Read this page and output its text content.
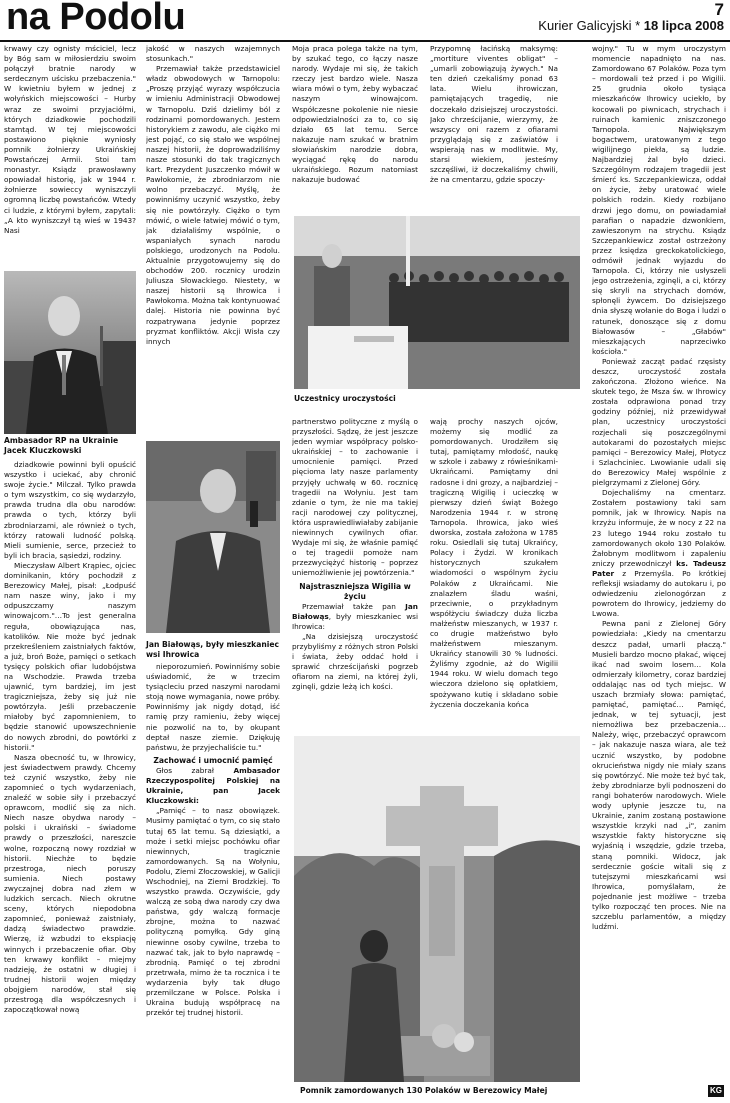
na Podolu	7
Kurier Galicyjski * 18 lipca 2008

krwawy czy ognisty mściciel, lecz by Bóg sam w miłosierdziu swoim połączył bratnie narody w serdecznym uścisku przebaczenia." W kwietniu byłem w jednej z wołyńskich miejscowości – Hurby wraz ze swoimi przyjaciółmi, których dziadkowie pochodzili stamtąd. W tej miejscowości postawiono pięknie wyniosły pomnik żołnierzy Ukraińskiej Powstańczej Armii. Stoi tam monastyr. Ksiądz prawosławny opowiadał historię, jak w 1944 r. żołnierze sowieccy wyniszczyli ogromną liczbę powstańców. Wtedy ci ludzie, z którymi byłem, zapytali: „A kto wyniszczył tą wieś w 1943? Nasi

Ambasador RP na Ukrainie Jacek Kluczkowski

dziadkowie powinni byli opuścić wszystko i uciekać, aby chronić swoje życie." Milczał. Tylko prawda o tym wszystkim, co się wydarzyło, prawda trudna dla obu narodów: prawda o tych, którzy byli zbrodniarzami, ale również o tych, którzy ratowali ludność polską. Mieli sumienie, serce, przecież to byli ich bracia, sąsiedzi, rodziny.

Mieczysław Albert Krąpiec, ojciec dominikanin, który pochodził z Berezowicy Małej, pisał: „Łodpuść nam nasze winy, jako i my odpuszczamy naszym winowajcom."…To jest generalna reguła, obowiązująca nas, katolików. Nie może być jednak przekreśleniem zaistniałych faktów, a już, broń Boże, pamięci o setkach tysięcy polskich ofiar ludobójstwa na Wschodzie. Prawda trzeba ujawnić, tym bardziej, im jest tragiczniejsza, żeby się już nie powtórzyła. Jeśli przebaczenie miałoby być zapomnieniem, to będzie stanowić upowszechnienie do nowych zbrodni, do powtórki z historii."

Nasza obecność tu, w Ihrowicy, jest świadectwem prawdy. Chcemy też czynić wszystko, żeby nie zapomnieć o tych wydarzeniach, znaleźć w sobie siły i przebaczyć oprawcom, modlić się za nich. Niech nasze obydwa narody – polski i ukraiński – świadome prawdy o przeszłości, nareszcie wolne, rozpoczną nowy rozdział w historii. Niechże to będzie przestroga, niech poruszy sumienia. Niech postawy zwyczajnej dobra nad złem w ludzkich sercach. Niech okrutne sceny, których niepodobna zapomnieć, ponieważ zaistniały, dadzą świadectwo prawdzie. Wierzę, iż wzbudzi to ekspiację winnych i przebaczenie ofiar. Oby ten krwawy konflikt – miejmy nadzieję, że ostatni w długiej i trudnej historii wojen między obojgiem narodów, stał się przestrogą dla współczesnych i zapoczątkował nową

jakość w naszych wzajemnych stosunkach."

Przemawiał także przedstawiciel władz obwodowych w Tarnopolu: „Proszę przyjąć wyrazy współczucia w imieniu Administracji Obwodowej w Tarnopolu. Dziś dzielimy ból z rodzinami pomordowanych. Jestem historykiem z zawodu, ale ciężko mi jest pojąć, co się stało we wspólnej naszej historii, że doprowadziliśmy nasze stosunki do tak tragicznych kart. Prezydent Juszczenko mówił w Pawłokomie, że zbrodniarzom nie wolno przebaczyć. Myślę, że powinniśmy uczynić wszystko, żeby się nie powtórzyły. Ciężko o tym mówić, o wiele łatwiej mówić o tym, jak działaliśmy wspólnie, o wspaniałych synach narodu polskiego, urodzonych na Podolu. Aktualnie przygotowujemy się do obchodów 200. rocznicy urodzin Juliusza Słowackiego. Niestety, w naszej historii są Ihrowica i Pawłokoma. Można tak kontynuować dalej. Historia nie powinna być rozpatrywana jedynie poprzez pryzmat konfliktów. Akcji Wisła czy innych

Jan Białowąs, były mieszkaniec wsi Ihrowica

nieporozumień. Powinniśmy sobie uświadomić, że w trzecim tysiącleciu przed naszymi narodami stoją nowe wymagania, nowe próby. Powinniśmy jak nigdy dotąd, iść ramię przy ramieniu, żeby więcej nie pozwolić na to, by okupant deptał nasze ziemie. Dziękuję państwu, że przyjechaliście tu."

Zachować i umocnić pamięć

Głos zabrał Ambasador Rzeczypospolitej Polskiej na Ukrainie, pan Jacek Kluczkowski:

„Pamięć – to nasz obowiązek. Musimy pamiętać o tym, co się stało tutaj 65 lat temu. Są dziesiątki, a może i setki miejsc pochówku ofiar niewinnych, tragicznie zamordowanych. Są na Wołyniu, Podolu, Ziemi Złoczowskiej, w Galicji Wschodniej, na Ziemi Brodzkiej. To wszystko prawda. Oczywiście, gdy walczą ze sobą dwa narody czy dwa państwa, gdy walczą formacje zbrojne, można to nazwać polityczną pomyłką. Gdy giną niewinne osoby cywilne, trzeba to nazwać tak, jak to było naprawdę – zbrodnią. Pamięć o tej zbrodni przetrwała, mimo że ta rocznica i te wydarzenia były tak długo przemilczane w Polsce. Polska i Ukraina budują współpracę na przekór tej trudnej historii.

Moja praca polega także na tym, by szukać tego, co łączy nasze narody. Wydaje mi się, że takich rzeczy jest bardzo wiele. Nasza wiara mówi o tym, żeby wybaczać naszym winowajcom. Współczesne pokolenie nie niesie odpowiedzialności za to, co się działo 65 lat temu. Serce nakazuje nam szukać w bratnim słowiańskim narodzie dobra, wyciągać rękę do narodu ukraińskiego. Rozum natomiast nakazuje budować

Przypomnę łacińską maksymę: „mortiture viventes obligat" – „umarli zobowiązują żywych." Na ten dzień czekaliśmy ponad 63 lata. Wielu ihrowiczan, pamiętających tragedię, nie doczekało dzisiejszej uroczystości. Jako chrześcijanie, wierzymy, że wszyscy oni razem z ofiarami przyglądają się z zaświatów i wspierają nas w modlitwie. My, starsi wiekiem, jesteśmy szczęśliwi, iż doczekaliśmy chwili, że na cmentarzu, gdzie spoczy-

Uczestnicy uroczystości

partnerstwo polityczne z myślą o przyszłości. Sądzę, że jest jeszcze jeden wymiar współpracy polsko-ukraińskiej – to zachowanie i umocnienie pamięci. Przed pięcioma laty nasze parlamenty przyjęły uchwałę w 60. rocznicę tragedii na Wołyniu. Jest tam zdanie o tym, że nie ma takiej racji narodowej czy politycznej, która usprawiedliwiałaby zabijanie niewinnych cywilnych ofiar. Wydaje mi się, że właśnie pamięć o tej tragedii pomoże nam przezwyciężyć historię – poprzez uniemożliwienie jej powtórzenia."

Najstraszniejsza Wigilia w życiu

Przemawiał także pan Jan Białowąs, były mieszkaniec wsi Ihrowica:

„Na dzisiejszą uroczystość przybyliśmy z różnych stron Polski i świata, żeby oddać hołd i sprawić chrześcijański pogrzeb ofiarom na ziemi, na której żyli, zginęli, gdzie leżą ich kości.

wają prochy naszych ojców, możemy się modlić za pomordowanych. Urodziłem się tutaj, pamiętamy młodość, naukę w szkole i zabawy z rówieśnikami-Ukraińcami. Pamiętamy dni radosne i dni grozy, a najbardziej – tragiczną Wigilię i ucieczkę w pierwszy dzień świąt Bożego Narodzenia 1944 r. w stronę Tarnopola. Ihrowica, jako wieś dworska, została założona w 1785 roku. Osiedlali się tutaj Ukraińcy, Polacy i Żydzi. W kronikach historycznych szukałem wiadomości o wspólnym życiu Polaków z Ukraińcami. Nie znalazłem śladu waśni, przeciwnie, o przykładnym współżyciu świadczy duża liczba małżeństw mieszanych, w 1937 r. co drugie małżeństwo było małżeństwem mieszanym. Ukraińcy stanowili 30 % ludności. Żyliśmy zgodnie, aż do Wigilii 1944 roku. W wielu domach tego wieczora dzielono się opłatkiem, spożywano kutię i składano sobie życzenia doczekania końca

Pomnik zamordowanych 130 Polaków w Berezowicy Małej

wojny." Tu w mym uroczystym momencie napadnięto na nas. Zamordowano 67 Polaków. Poza tym – mordowali też przed i po Wigilii. 25 grudnia około tysiąca mieszkańców Ihrowicy uciekło, by kocowali po piwnicach, strychach i ruinach kamienic zniszczonego Tarnopola. Największym bogactwem, uratowanym z tego wigilijnego piekła, są ludzie. Najbardziej żal było dzieci. Szczególnym rodzajem tragedii jest śmierć ks. Szczepankiewicza, oddał on życie, żeby uratować wiele polskich rodzin. Kiedy rozbijano drzwi jego domu, on powiadamiał parafian o napadzie dzwonkiem, zawieszonym na strychu. Ksiądz Szczepankiewicz został ostrzeżony przez księdza greckokatolickiego, odmówił jednak wyjazdu do Tarnopola. Ci, którzy nie usłyszeli jego ostrzeżenia, zginęli, a ci, którzy się skryli na strychach domów, spłonęli żywcem. Do dzisiejszego dnia słyszę wołanie do Boga i ludzi o ratunek, donoszące się z domu Białowasów – „Głabów" mieszkających naprzeciwko kościoła."

Ponieważ zacząt padać rzęsisty deszcz, uroczystość została zakończona. Złożono wieńce. Na skutek tego, że Msza św. w Ihrowicy została odprawiona ponad trzy godziny później, niż przewidywał plan, uczestnicy uroczystości rozjechali się poszczególnymi autokarami do pozostałych miejsc pamięci – Berezowicy Małej, Płotycz i Szlachciniec. Lwowianie udali się do Berezowicy Małej wspólnie z pielgrzymami z Zielonej Góry.

Dojechaliśmy na cmentarz. Zostałem postawiony taki sam pomnik, jak w Ihrowicy. Napis na krzyżu informuje, że w nocy z 22 na 23 lutego 1944 roku zostało tu zamordowanych około 130 Polaków. Żałobnym modlitwom i zapaleniu zniczy przewodniczył ks. Tadeusz Pater z Przemyśla. Po krótkiej refleksji wsiadamy do autokaru i, po odwiedzeniu zielonogórzan z powrotem do Ihrowicy, jedziemy do Lwowa.

Pewna pani z Zielonej Góry powiedziała: „Kiedy na cmentarzu deszcz padał, umarli płaczą." Musieli bardzo mocno płakać, więcej ikać nad swoim losem… Kola odmierzały kilometry, coraz bardziej oddalając nas od tych miejsc. W uszach brzmiały słowa: pamiętać, pamiętać, pamiętać… Pamięć, jednak, w tej sytuacji, jest niemożliwa bez przebaczenia… Należy, więc, przebaczyć oprawcom – jak nakazuje nasza wiara, ale też ucznić wszystko, by podobne okrucieństwa nigdy nie miały szans się powtórzyć. Nie może też być tak, żeby zbrodniarze byli podnoszeni do rangi bohaterów narodowych. Wiele wody upłynie jeszcze tu, na Ukrainie, zanim zostaną postawione wszystkie krzyki nad „i", zanim wszystkie fakty historyczne się wyjaśnią i wszędzie, gdzie trzeba, staną pomniki. Widocz, jak serdecznie goście witali się z tutejszymi mieszkańcami wsi Ihrowica, pomyślałam, że pojednanie jest możliwe – trzeba tylko rozpocząć ten proces. Nie na szczeblu parlamentów, a między ludźmi.

KG
